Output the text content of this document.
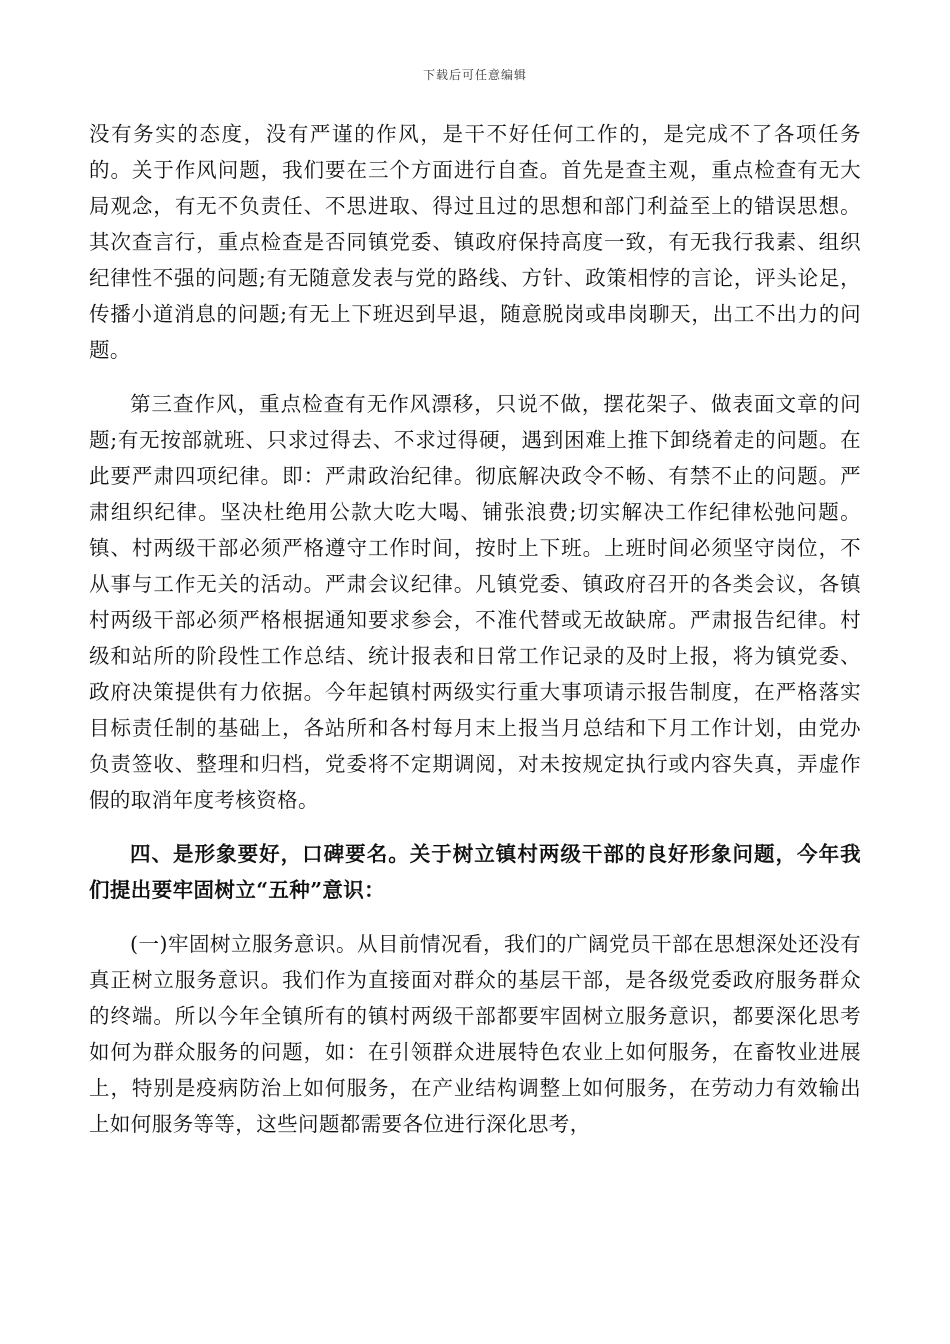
下载后可任意编辑

没有务实的态度，没有严谨的作风，是干不好任何工作的，是完成不了各项任务的。关于作风问题，我们要在三个方面进行自查。首先是查主观，重点检查有无大局观念，有无不负责任、不思进取、得过且过的思想和部门利益至上的错误思想。其次查言行，重点检查是否同镇党委、镇政府保持高度一致，有无我行我素、组织纪律性不强的问题;有无随意发表与党的路线、方针、政策相悖的言论，评头论足，传播小道消息的问题;有无上下班迟到早退，随意脱岗或串岗聊天，出工不出力的问题。

第三查作风，重点检查有无作风漂移，只说不做，摆花架子、做表面文章的问题;有无按部就班、只求过得去、不求过得硬，遇到困难上推下卸绕着走的问题。在此要严肃四项纪律。即：严肃政治纪律。彻底解决政令不畅、有禁不止的问题。严肃组织纪律。坚决杜绝用公款大吃大喝、铺张浪费;切实解决工作纪律松弛问题。镇、村两级干部必须严格遵守工作时间，按时上下班。上班时间必须坚守岗位，不从事与工作无关的活动。严肃会议纪律。凡镇党委、镇政府召开的各类会议，各镇村两级干部必须严格根据通知要求参会，不准代替或无故缺席。严肃报告纪律。村级和站所的阶段性工作总结、统计报表和日常工作记录的及时上报，将为镇党委、政府决策提供有力依据。今年起镇村两级实行重大事项请示报告制度，在严格落实目标责任制的基础上，各站所和各村每月末上报当月总结和下月工作计划，由党办负责签收、整理和归档，党委将不定期调阅，对未按规定执行或内容失真，弄虚作假的取消年度考核资格。

四、是形象要好，口碑要名。关于树立镇村两级干部的良好形象问题，今年我们提出要牢固树立“五种”意识：

(一)牢固树立服务意识。从目前情况看，我们的广阔党员干部在思想深处还没有真正树立服务意识。我们作为直接面对群众的基层干部，是各级党委政府服务群众的终端。所以今年全镇所有的镇村两级干部都要牢固树立服务意识，都要深化思考如何为群众服务的问题，如：在引领群众进展特色农业上如何服务，在畜牧业进展上，特别是疫病防治上如何服务，在产业结构调整上如何服务，在劳动力有效输出上如何服务等等，这些问题都需要各位进行深化思考，
